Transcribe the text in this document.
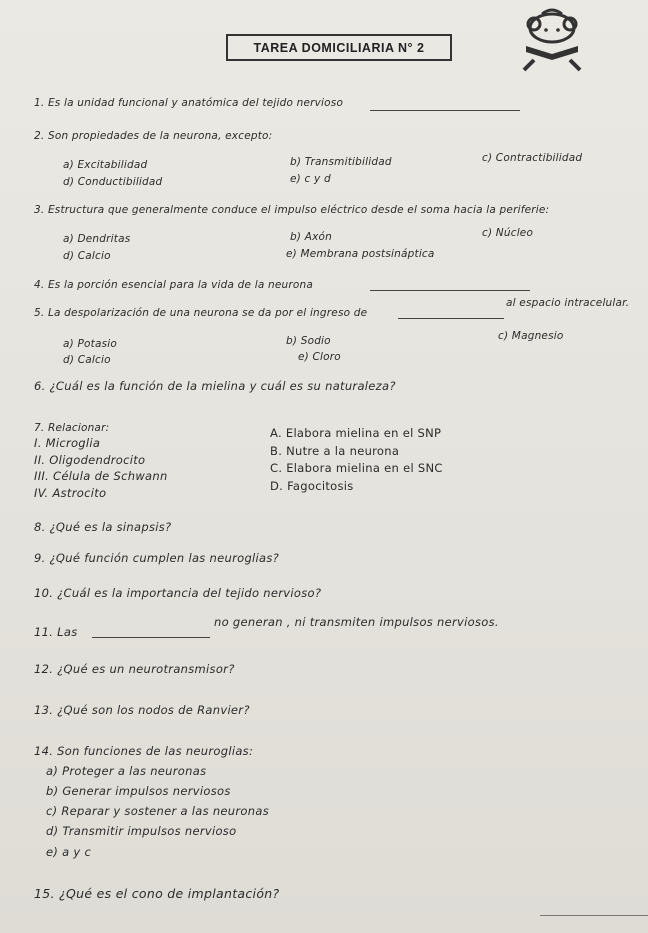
TAREA DOMICILIARIA N° 2
1. Es la unidad funcional y anatómica del tejido nervioso
2. Son propiedades de la neurona, excepto:
a) Excitabilidad	b) Transmitibilidad	c) Contractibilidad
d) Conductibilidad	e) c y d
3. Estructura que generalmente conduce el impulso eléctrico desde el soma hacia la periferie:
a) Dendritas	b) Axón	c) Núcleo
d) Calcio	e) Membrana postsináptica
4. Es la porción esencial para la vida de la neurona
5. La despolarización de una neurona se da por el ingreso de
al espacio intracelular.
a) Potasio	b) Sodio	c) Magnesio
d) Calcio	e) Cloro
6. ¿Cuál es la función de la mielina y cuál es su naturaleza?
7. Relacionar:
I. Microglia
II. Oligodendrocito
III. Célula de Schwann
IV. Astrocito
A. Elabora mielina en el SNP
B. Nutre a la neurona
C. Elabora mielina en el SNC
D. Fagocitosis
8. ¿Qué es la sinapsis?
9. ¿Qué función cumplen las neuroglias?
10. ¿Cuál es la importancia del tejido nervioso?
11. Las
no generan , ni transmiten impulsos nerviosos.
12. ¿Qué es un neurotransmisor?
13. ¿Qué son los nodos de Ranvier?
14. Son funciones de las neuroglias:
a) Proteger a las neuronas
b) Generar impulsos nerviosos
c) Reparar y sostener a las neuronas
d) Transmitir impulsos nervioso
e) a y c
15. ¿Qué es el cono de implantación?
